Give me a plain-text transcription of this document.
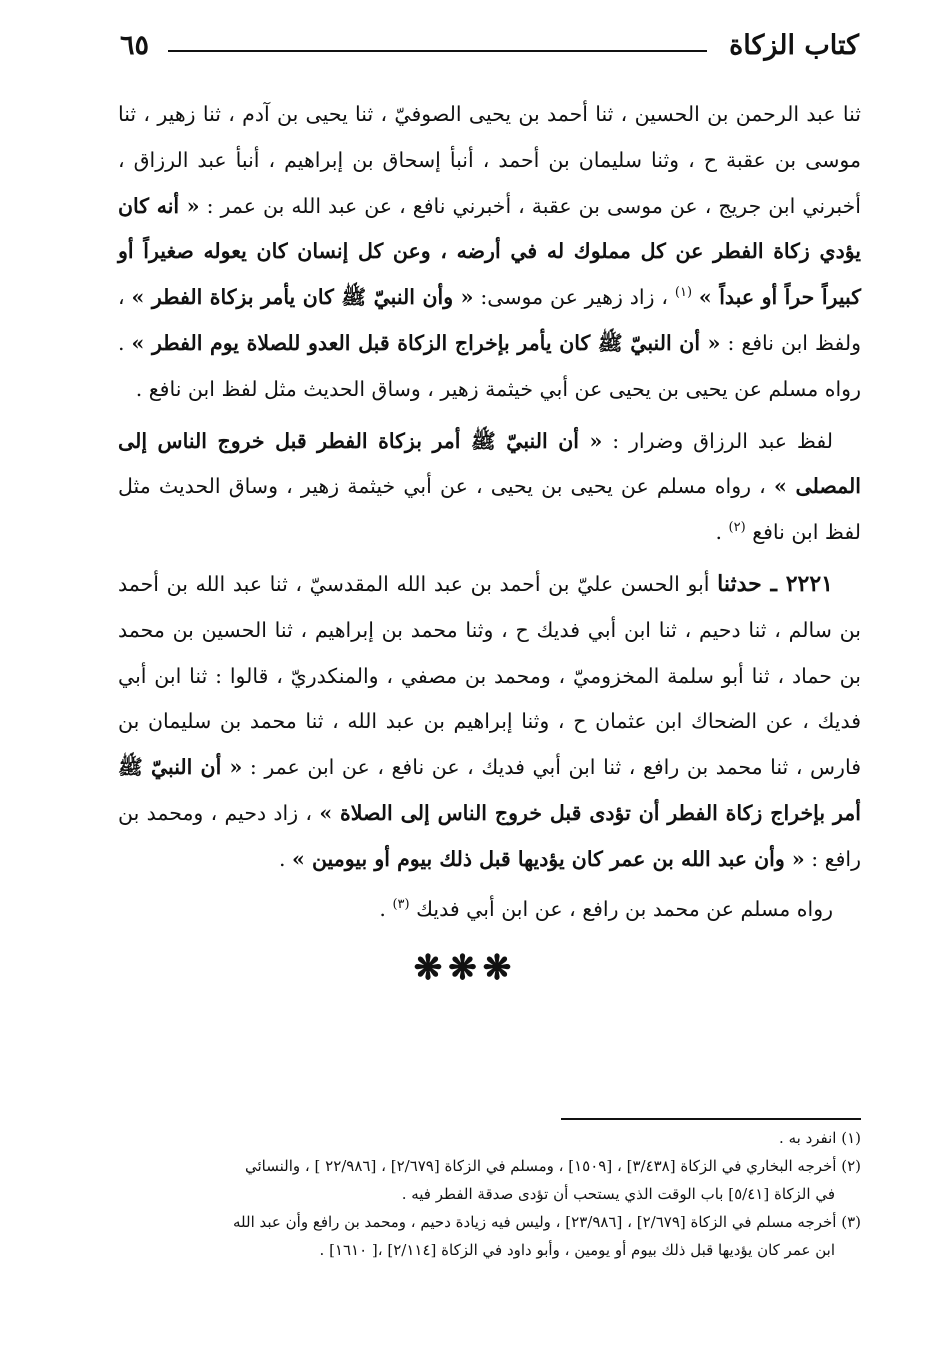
كتاب الزكاة
٦٥

ثنا عبد الرحمن بن الحسين ، ثنا أحمد بن يحيى الصوفيّ ، ثنا يحيى بن آدم ، ثنا زهير ، ثنا موسى بن عقبة ح ، وثنا سليمان بن أحمد ، أنبأ إسحاق بن إبراهيم ، أنبأ عبد الرزاق ، أخبرني ابن جريج ، عن موسى بن عقبة ، أخبرني نافع ، عن عبد الله بن عمر : « أنه كان يؤدي زكاة الفطر عن كل مملوك له في أرضه ، وعن كل إنسان كان يعوله صغيراً أو كبيراً حراً أو عبداً » $^{(١)}$ ، زاد زهير عن موسى: « وأن النبيّ ﷺ كان يأمر بزكاة الفطر » ، ولفظ ابن نافع : « أن النبيّ ﷺ كان يأمر بإخراج الزكاة قبل العدو للصلاة يوم الفطر » . رواه مسلم عن يحيى بن يحيى عن أبي خيثمة زهير ، وساق الحديث مثل لفظ ابن نافع .

لفظ عبد الرزاق وضرار : « أن النبيّ ﷺ أمر بزكاة الفطر قبل خروج الناس إلى المصلى » ، رواه مسلم عن يحيى بن يحيى ، عن أبي خيثمة زهير ، وساق الحديث مثل لفظ ابن نافع $^{(٢)}$ .

٢٢٢١ ـ حدثنا أبو الحسن عليّ بن أحمد بن عبد الله المقدسيّ ، ثنا عبد الله بن أحمد بن سالم ، ثنا دحيم ، ثنا ابن أبي فديك ح ، وثنا محمد بن إبراهيم ، ثنا الحسين بن محمد بن حماد ، ثنا أبو سلمة المخزوميّ ، ومحمد بن مصفي ، والمنكدريّ ، قالوا : ثنا ابن أبي فديك ، عن الضحاك ابن عثمان ح ، وثنا إبراهيم بن عبد الله ، ثنا محمد بن سليمان بن فارس ، ثنا محمد بن رافع ، ثنا ابن أبي فديك ، عن نافع ، عن ابن عمر : « أن النبيّ ﷺ أمر بإخراج زكاة الفطر أن تؤدى قبل خروج الناس إلى الصلاة » ، زاد دحيم ، ومحمد بن رافع : « وأن عبد الله بن عمر كان يؤديها قبل ذلك بيوم أو بيومين » .

رواه مسلم عن محمد بن رافع ، عن ابن أبي فديك $^{(٣)}$ .

❋❋❋

(١) انفرد به .

(٢) أخرجه البخاري في الزكاة [٣/٤٣٨] ، [١٥٠٩] ، ومسلم في الزكاة [٢/٦٧٩] ، [٢٢/٩٨٦ ] ، والنسائي

في الزكاة [٥/٤١] باب الوقت الذي يستحب أن تؤدى صدقة الفطر فيه .

(٣) أخرجه مسلم في الزكاة [٢/٦٧٩] ، [٢٣/٩٨٦] ، وليس فيه زيادة دحيم ، ومحمد بن رافع وأن عبد الله

ابن عمر كان يؤديها قبل ذلك بيوم أو يومين ، وأبو داود في الزكاة [٢/١١٤] ،[ ١٦١٠] .
